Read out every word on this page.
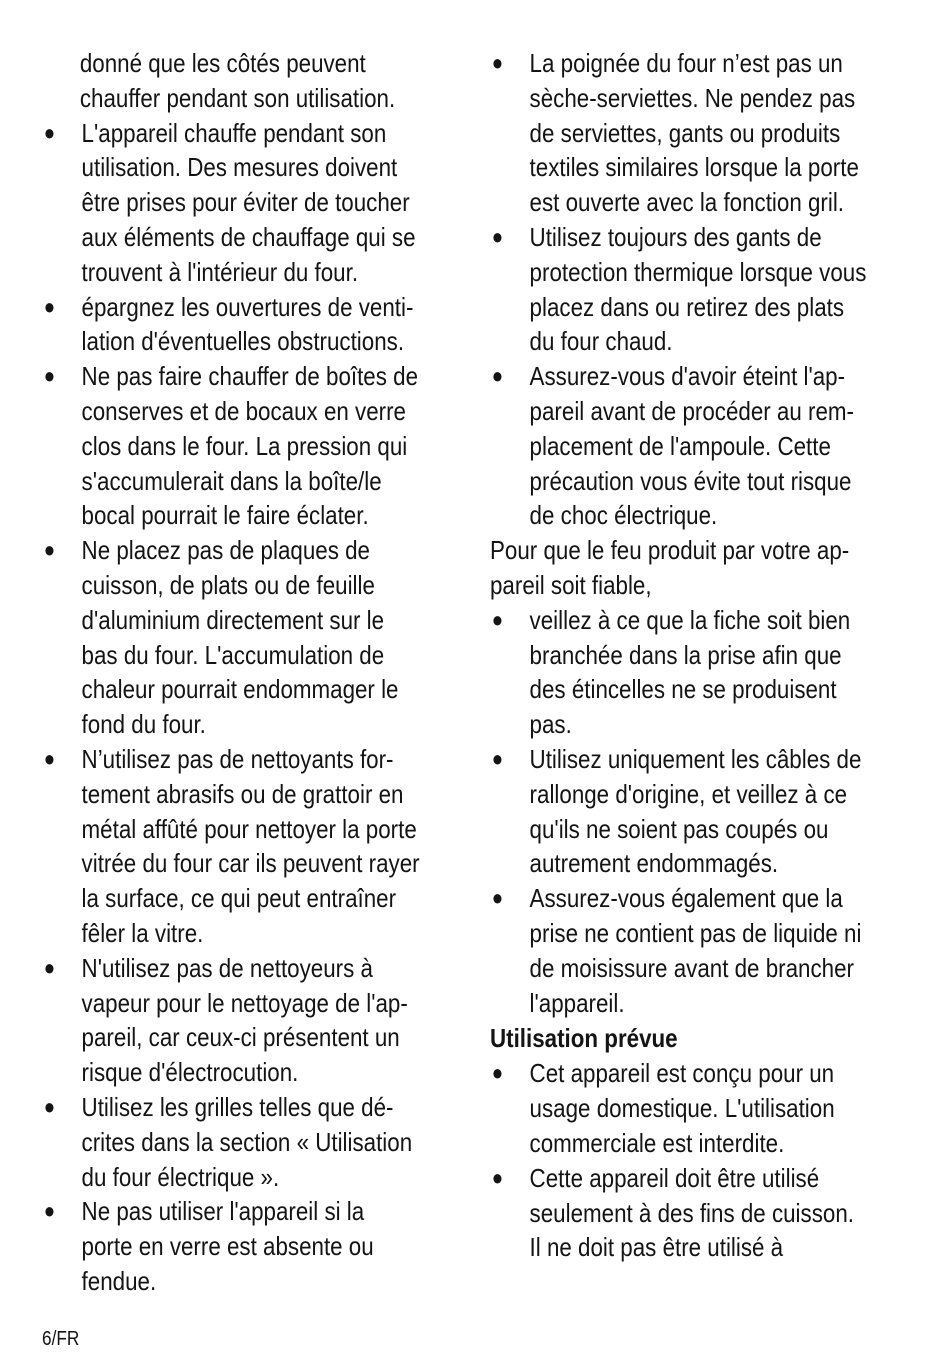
donné que les côtés peuvent
chauffer pendant son utilisation.
●	L'appareil chauffe pendant son
utilisation. Des mesures doivent
être prises pour éviter de toucher
aux éléments de chauffage qui se
trouvent à l'intérieur du four.
●	épargnez les ouvertures de venti-
lation d'éventuelles obstructions.
●	Ne pas faire chauffer de boîtes de
conserves et de bocaux en verre
clos dans le four. La pression qui
s'accumulerait dans la boîte/le
bocal pourrait le faire éclater.
●	Ne placez pas de plaques de
cuisson, de plats ou de feuille
d'aluminium directement sur le
bas du four. L'accumulation de
chaleur pourrait endommager le
fond du four.
●	N’utilisez pas de nettoyants for-
tement abrasifs ou de grattoir en
métal affûté pour nettoyer la porte
vitrée du four car ils peuvent rayer
la surface, ce qui peut entraîner
fêler la vitre.
●	N'utilisez pas de nettoyeurs à
vapeur pour le nettoyage de l'ap-
pareil, car ceux-ci présentent un
risque d'électrocution.
●	Utilisez les grilles telles que dé-
crites dans la section « Utilisation
du four électrique ».
●	Ne pas utiliser l'appareil si la
porte en verre est absente ou
fendue.
●	La poignée du four n’est pas un
sèche-serviettes. Ne pendez pas
de serviettes, gants ou produits
textiles similaires lorsque la porte
est ouverte avec la fonction gril.
●	Utilisez toujours des gants de
protection thermique lorsque vous
placez dans ou retirez des plats
du four chaud.
●	Assurez-vous d'avoir éteint l'ap-
pareil avant de procéder au rem-
placement de l'ampoule. Cette
précaution vous évite tout risque
de choc électrique.
Pour que le feu produit par votre ap-
pareil soit fiable,
●	veillez à ce que la fiche soit bien
branchée dans la prise afin que
des étincelles ne se produisent
pas.
●	Utilisez uniquement les câbles de
rallonge d'origine, et veillez à ce
qu'ils ne soient pas coupés ou
autrement endommagés.
●	Assurez-vous également que la
prise ne contient pas de liquide ni
de moisissure avant de brancher
l'appareil.
Utilisation prévue
●	Cet appareil est conçu pour un
usage domestique. L'utilisation
commerciale est interdite.
●	Cette appareil doit être utilisé
seulement à des fins de cuisson.
Il ne doit pas être utilisé à
6/FR
